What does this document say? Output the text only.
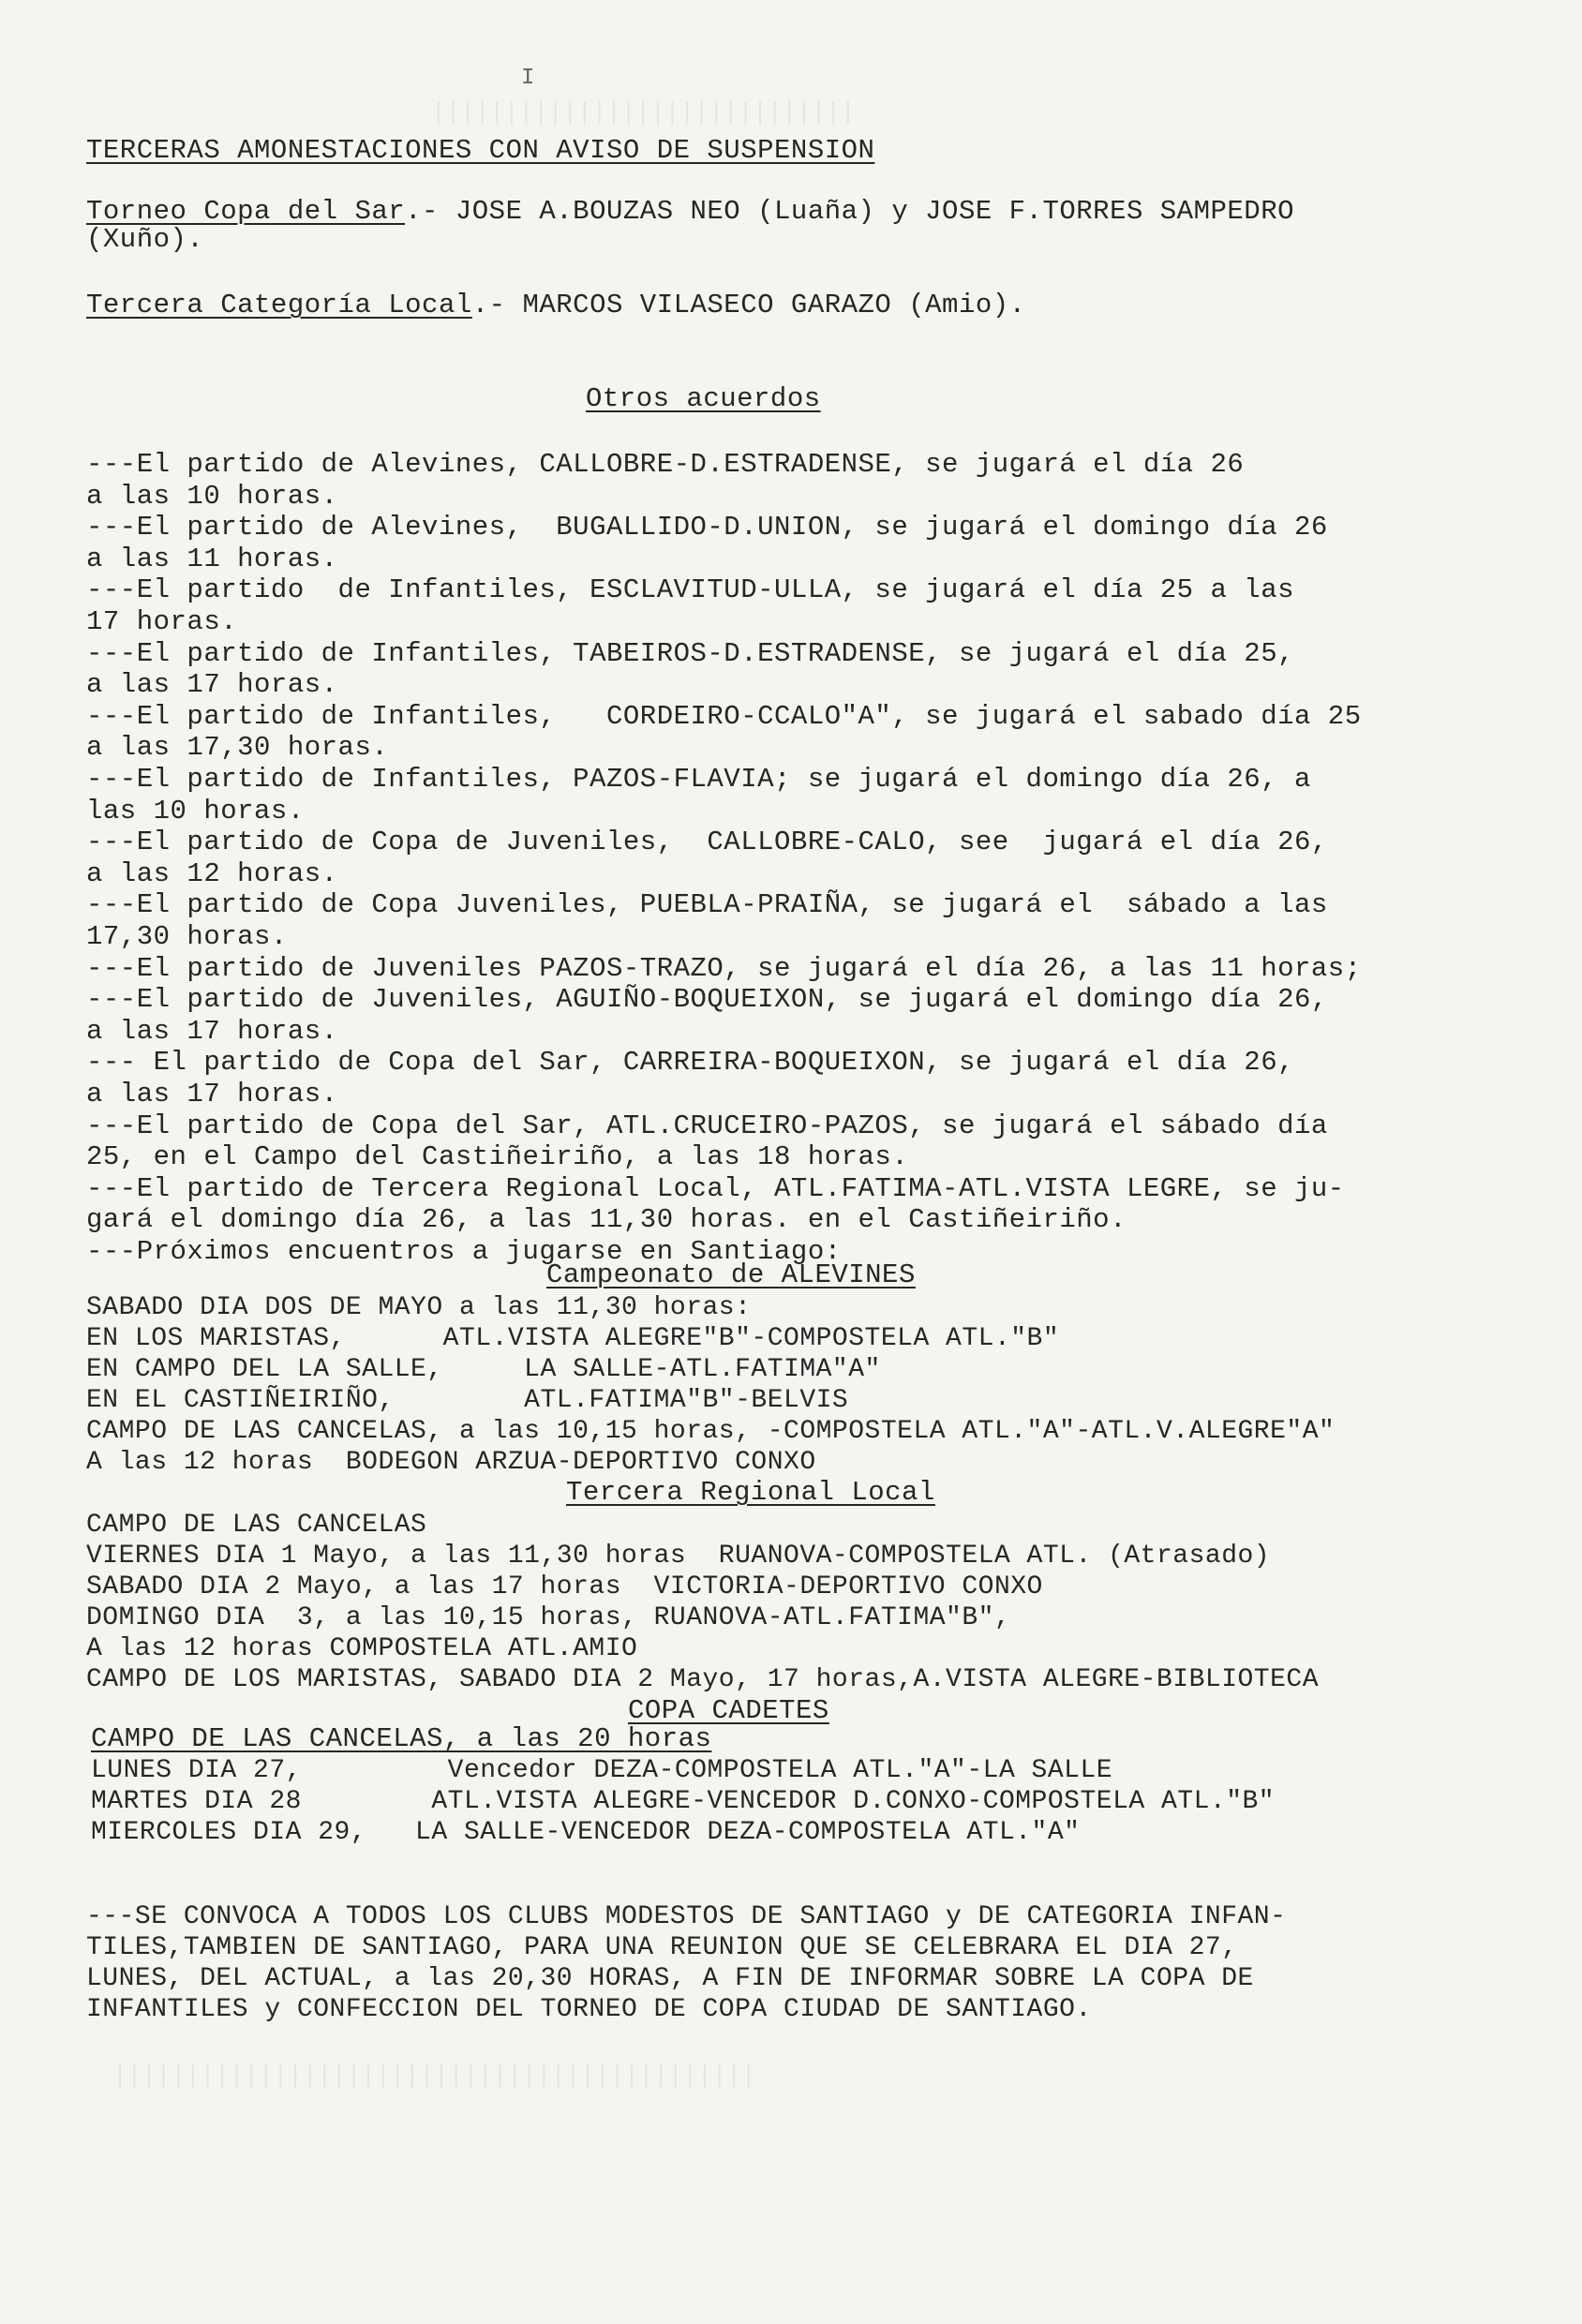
I
|||||||||||||||||||||||||||||
TERCERAS AMONESTACIONES CON AVISO DE SUSPENSION
Torneo Copa del Sar.- JOSE A.BOUZAS NEO (Luaña) y JOSE F.TORRES SAMPEDRO
(Xuño).
Tercera Categoría Local.- MARCOS VILASECO GARAZO (Amio).
Otros acuerdos
---El partido de Alevines, CALLOBRE-D.ESTRADENSE, se jugará el día 26
a las 10 horas.
---El partido de Alevines,  BUGALLIDO-D.UNION, se jugará el domingo día 26
a las 11 horas.
---El partido  de Infantiles, ESCLAVITUD-ULLA, se jugará el día 25 a las
17 horas.
---El partido de Infantiles, TABEIROS-D.ESTRADENSE, se jugará el día 25,
a las 17 horas.
---El partido de Infantiles,   CORDEIRO-CCALO"A", se jugará el sabado día 25
a las 17,30 horas.
---El partido de Infantiles, PAZOS-FLAVIA; se jugará el domingo día 26, a
las 10 horas.
---El partido de Copa de Juveniles,  CALLOBRE-CALO, see  jugará el día 26,
a las 12 horas.
---El partido de Copa Juveniles, PUEBLA-PRAIÑA, se jugará el  sábado a las
17,30 horas.
---El partido de Juveniles PAZOS-TRAZO, se jugará el día 26, a las 11 horas;
---El partido de Juveniles, AGUIÑO-BOQUEIXON, se jugará el domingo día 26,
a las 17 horas.
--- El partido de Copa del Sar, CARREIRA-BOQUEIXON, se jugará el día 26,
a las 17 horas.
---El partido de Copa del Sar, ATL.CRUCEIRO-PAZOS, se jugará el sábado día
25, en el Campo del Castiñeiriño, a las 18 horas.
---El partido de Tercera Regional Local, ATL.FATIMA-ATL.VISTA LEGRE, se ju-
gará el domingo día 26, a las 11,30 horas. en el Castiñeiriño.
---Próximos encuentros a jugarse en Santiago:
Campeonato de ALEVINES
SABADO DIA DOS DE MAYO a las 11,30 horas:
EN LOS MARISTAS,      ATL.VISTA ALEGRE"B"-COMPOSTELA ATL."B"
EN CAMPO DEL LA SALLE,     LA SALLE-ATL.FATIMA"A"
EN EL CASTIÑEIRIÑO,        ATL.FATIMA"B"-BELVIS
CAMPO DE LAS CANCELAS, a las 10,15 horas, -COMPOSTELA ATL."A"-ATL.V.ALEGRE"A"
A las 12 horas  BODEGON ARZUA-DEPORTIVO CONXO
Tercera Regional Local
CAMPO DE LAS CANCELAS
VIERNES DIA 1 Mayo, a las 11,30 horas  RUANOVA-COMPOSTELA ATL. (Atrasado)
SABADO DIA 2 Mayo, a las 17 horas  VICTORIA-DEPORTIVO CONXO
DOMINGO DIA  3, a las 10,15 horas, RUANOVA-ATL.FATIMA"B",
A las 12 horas COMPOSTELA ATL.AMIO
CAMPO DE LOS MARISTAS, SABADO DIA 2 Mayo, 17 horas,A.VISTA ALEGRE-BIBLIOTECA
COPA CADETES
CAMPO DE LAS CANCELAS, a las 20 horas
LUNES DIA 27,         Vencedor DEZA-COMPOSTELA ATL."A"-LA SALLE
MARTES DIA 28        ATL.VISTA ALEGRE-VENCEDOR D.CONXO-COMPOSTELA ATL."B"
MIERCOLES DIA 29,   LA SALLE-VENCEDOR DEZA-COMPOSTELA ATL."A"
---SE CONVOCA A TODOS LOS CLUBS MODESTOS DE SANTIAGO y DE CATEGORIA INFAN-
TILES,TAMBIEN DE SANTIAGO, PARA UNA REUNION QUE SE CELEBRARA EL DIA 27,
LUNES, DEL ACTUAL, a las 20,30 HORAS, A FIN DE INFORMAR SOBRE LA COPA DE
INFANTILES y CONFECCION DEL TORNEO DE COPA CIUDAD DE SANTIAGO.
||||||||||||||||||||||||||||||||||||||||||||
